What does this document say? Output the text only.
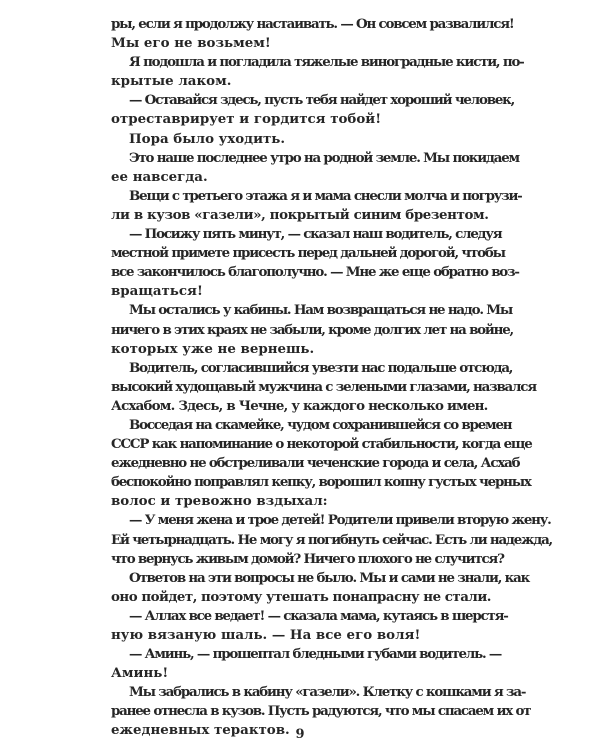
ры, если я продолжу настаивать. — Он совсем развалился!
Мы его не возьмем!
Я подошла и погладила тяжелые виноградные кисти, по-
крытые лаком.
— Оставайся здесь, пусть тебя найдет хороший человек,
отреставрирует и гордится тобой!
Пора было уходить.
Это наше последнее утро на родной земле. Мы покидаем
ее навсегда.
Вещи с третьего этажа я и мама снесли молча и погрузи-
ли в кузов «газели», покрытый синим брезентом.
— Посижу пять минут, — сказал наш водитель, следуя
местной примете присесть перед дальней дорогой, чтобы
все закончилось благополучно. — Мне же еще обратно воз-
вращаться!
Мы остались у кабины. Нам возвращаться не надо. Мы
ничего в этих краях не забыли, кроме долгих лет на войне,
которых уже не вернешь.
Водитель, согласившийся увезти нас подальше отсюда,
высокий худощавый мужчина с зелеными глазами, назвался
Асхабом. Здесь, в Чечне, у каждого несколько имен.
Восседая на скамейке, чудом сохранившейся со времен
СССР как напоминание о некоторой стабильности, когда еще
ежедневно не обстреливали чеченские города и села, Асхаб
беспокойно поправлял кепку, ворошил копну густых черных
волос и тревожно вздыхал:
— У меня жена и трое детей! Родители привели вторую жену.
Ей четырнадцать. Не могу я погибнуть сейчас. Есть ли надежда,
что вернусь живым домой? Ничего плохого не случится?
Ответов на эти вопросы не было. Мы и сами не знали, как
оно пойдет, поэтому утешать понапрасну не стали.
— Аллах все ведает! — сказала мама, кутаясь в шерстя-
ную вязаную шаль. — На все его воля!
— Аминь, — прошептал бледными губами водитель. —
Аминь!
Мы забрались в кабину «газели». Клетку с кошками я за-
ранее отнесла в кузов. Пусть радуются, что мы спасаем их от
ежедневных терактов. 9
